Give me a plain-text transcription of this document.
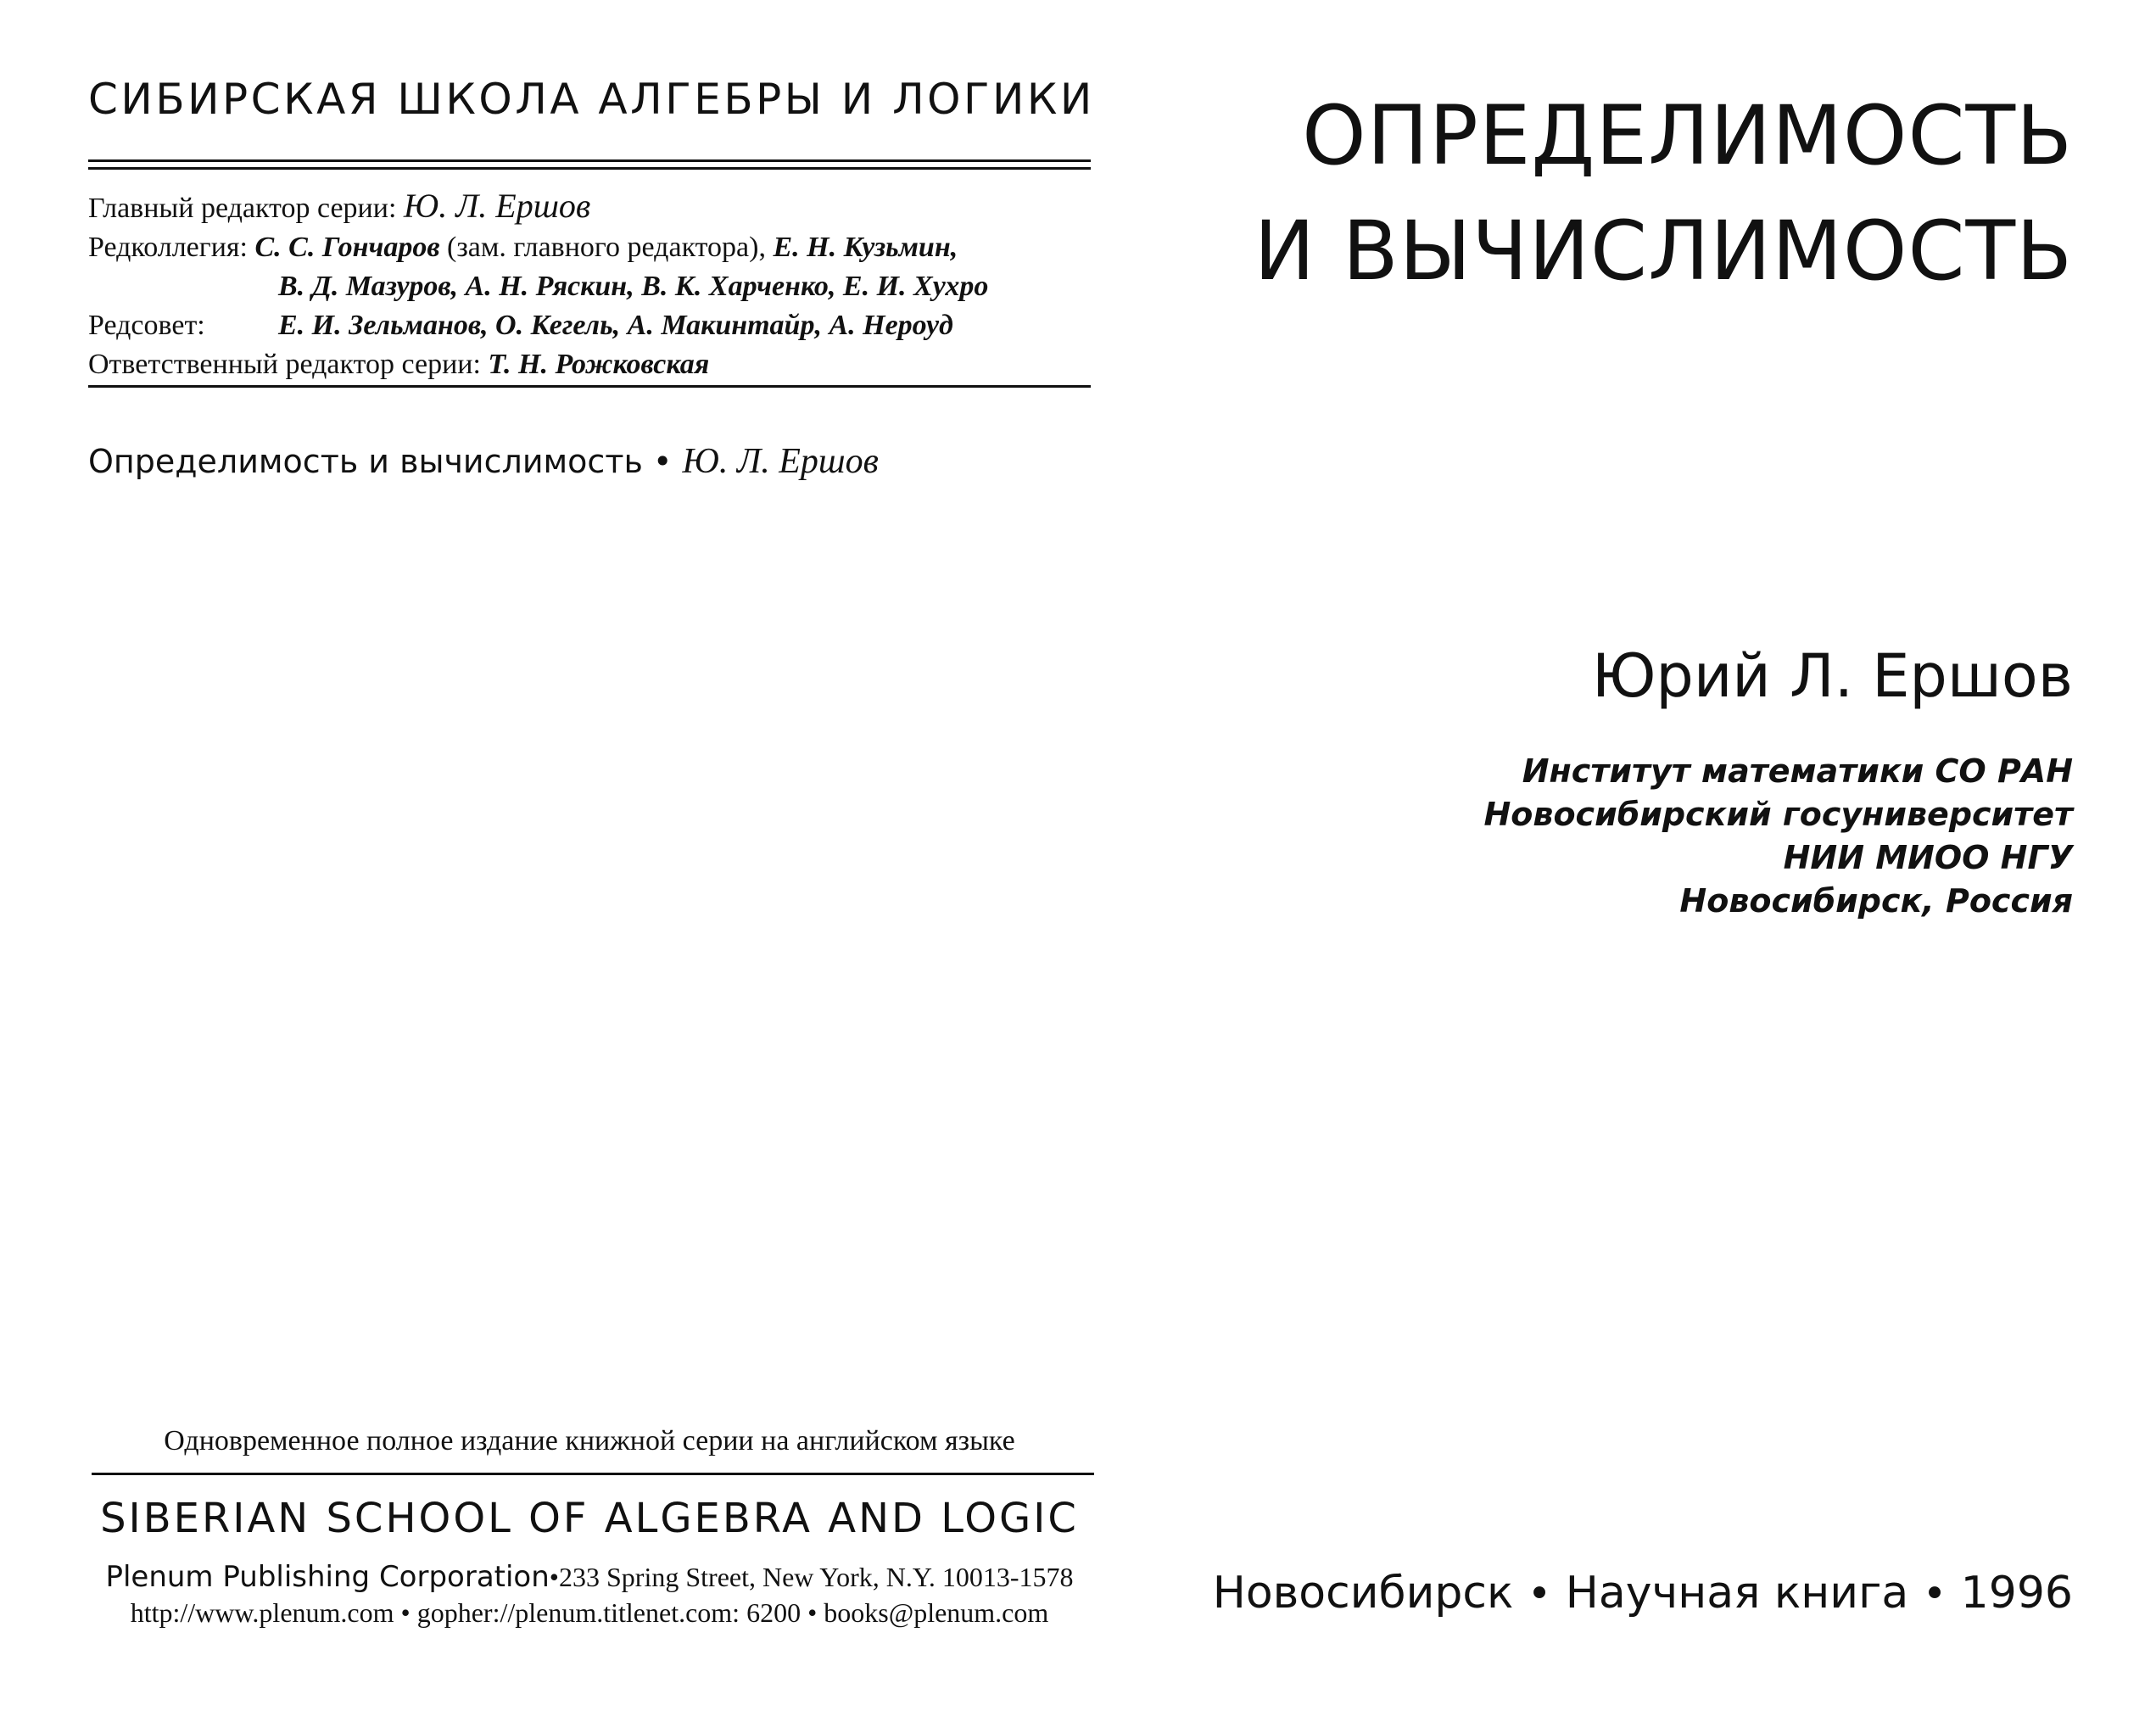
СИБИРСКАЯ ШКОЛА АЛГЕБРЫ И ЛОГИКИ
Главный редактор серии: Ю. Л. Ершов
Редколлегия: С. С. Гончаров (зам. главного редактора), Е. Н. Кузьмин,
В. Д. Мазуров, А. Н. Ряскин, В. К. Харченко, Е. И. Хухро
Редсовет:	Е. И. Зельманов, О. Кегель, А. Макинтайр, А. Нероуд
Ответственный редактор серии: Т. Н. Рожковская
Определимость и вычислимость • Ю. Л. Ершов
Одновременное полное издание книжной серии на английском языке
SIBERIAN SCHOOL OF ALGEBRA AND LOGIC
Plenum Publishing Corporation•233 Spring Street, New York, N.Y. 10013-1578
http://www.plenum.com • gopher://plenum.titlenet.com: 6200 • books@plenum.com
ОПРЕДЕЛИМОСТЬ
И ВЫЧИСЛИМОСТЬ
Юрий Л. Ершов
Институт математики СО РАН
Новосибирский госуниверситет
НИИ МИОО НГУ
Новосибирск, Россия
Новосибирск • Научная книга • 1996
